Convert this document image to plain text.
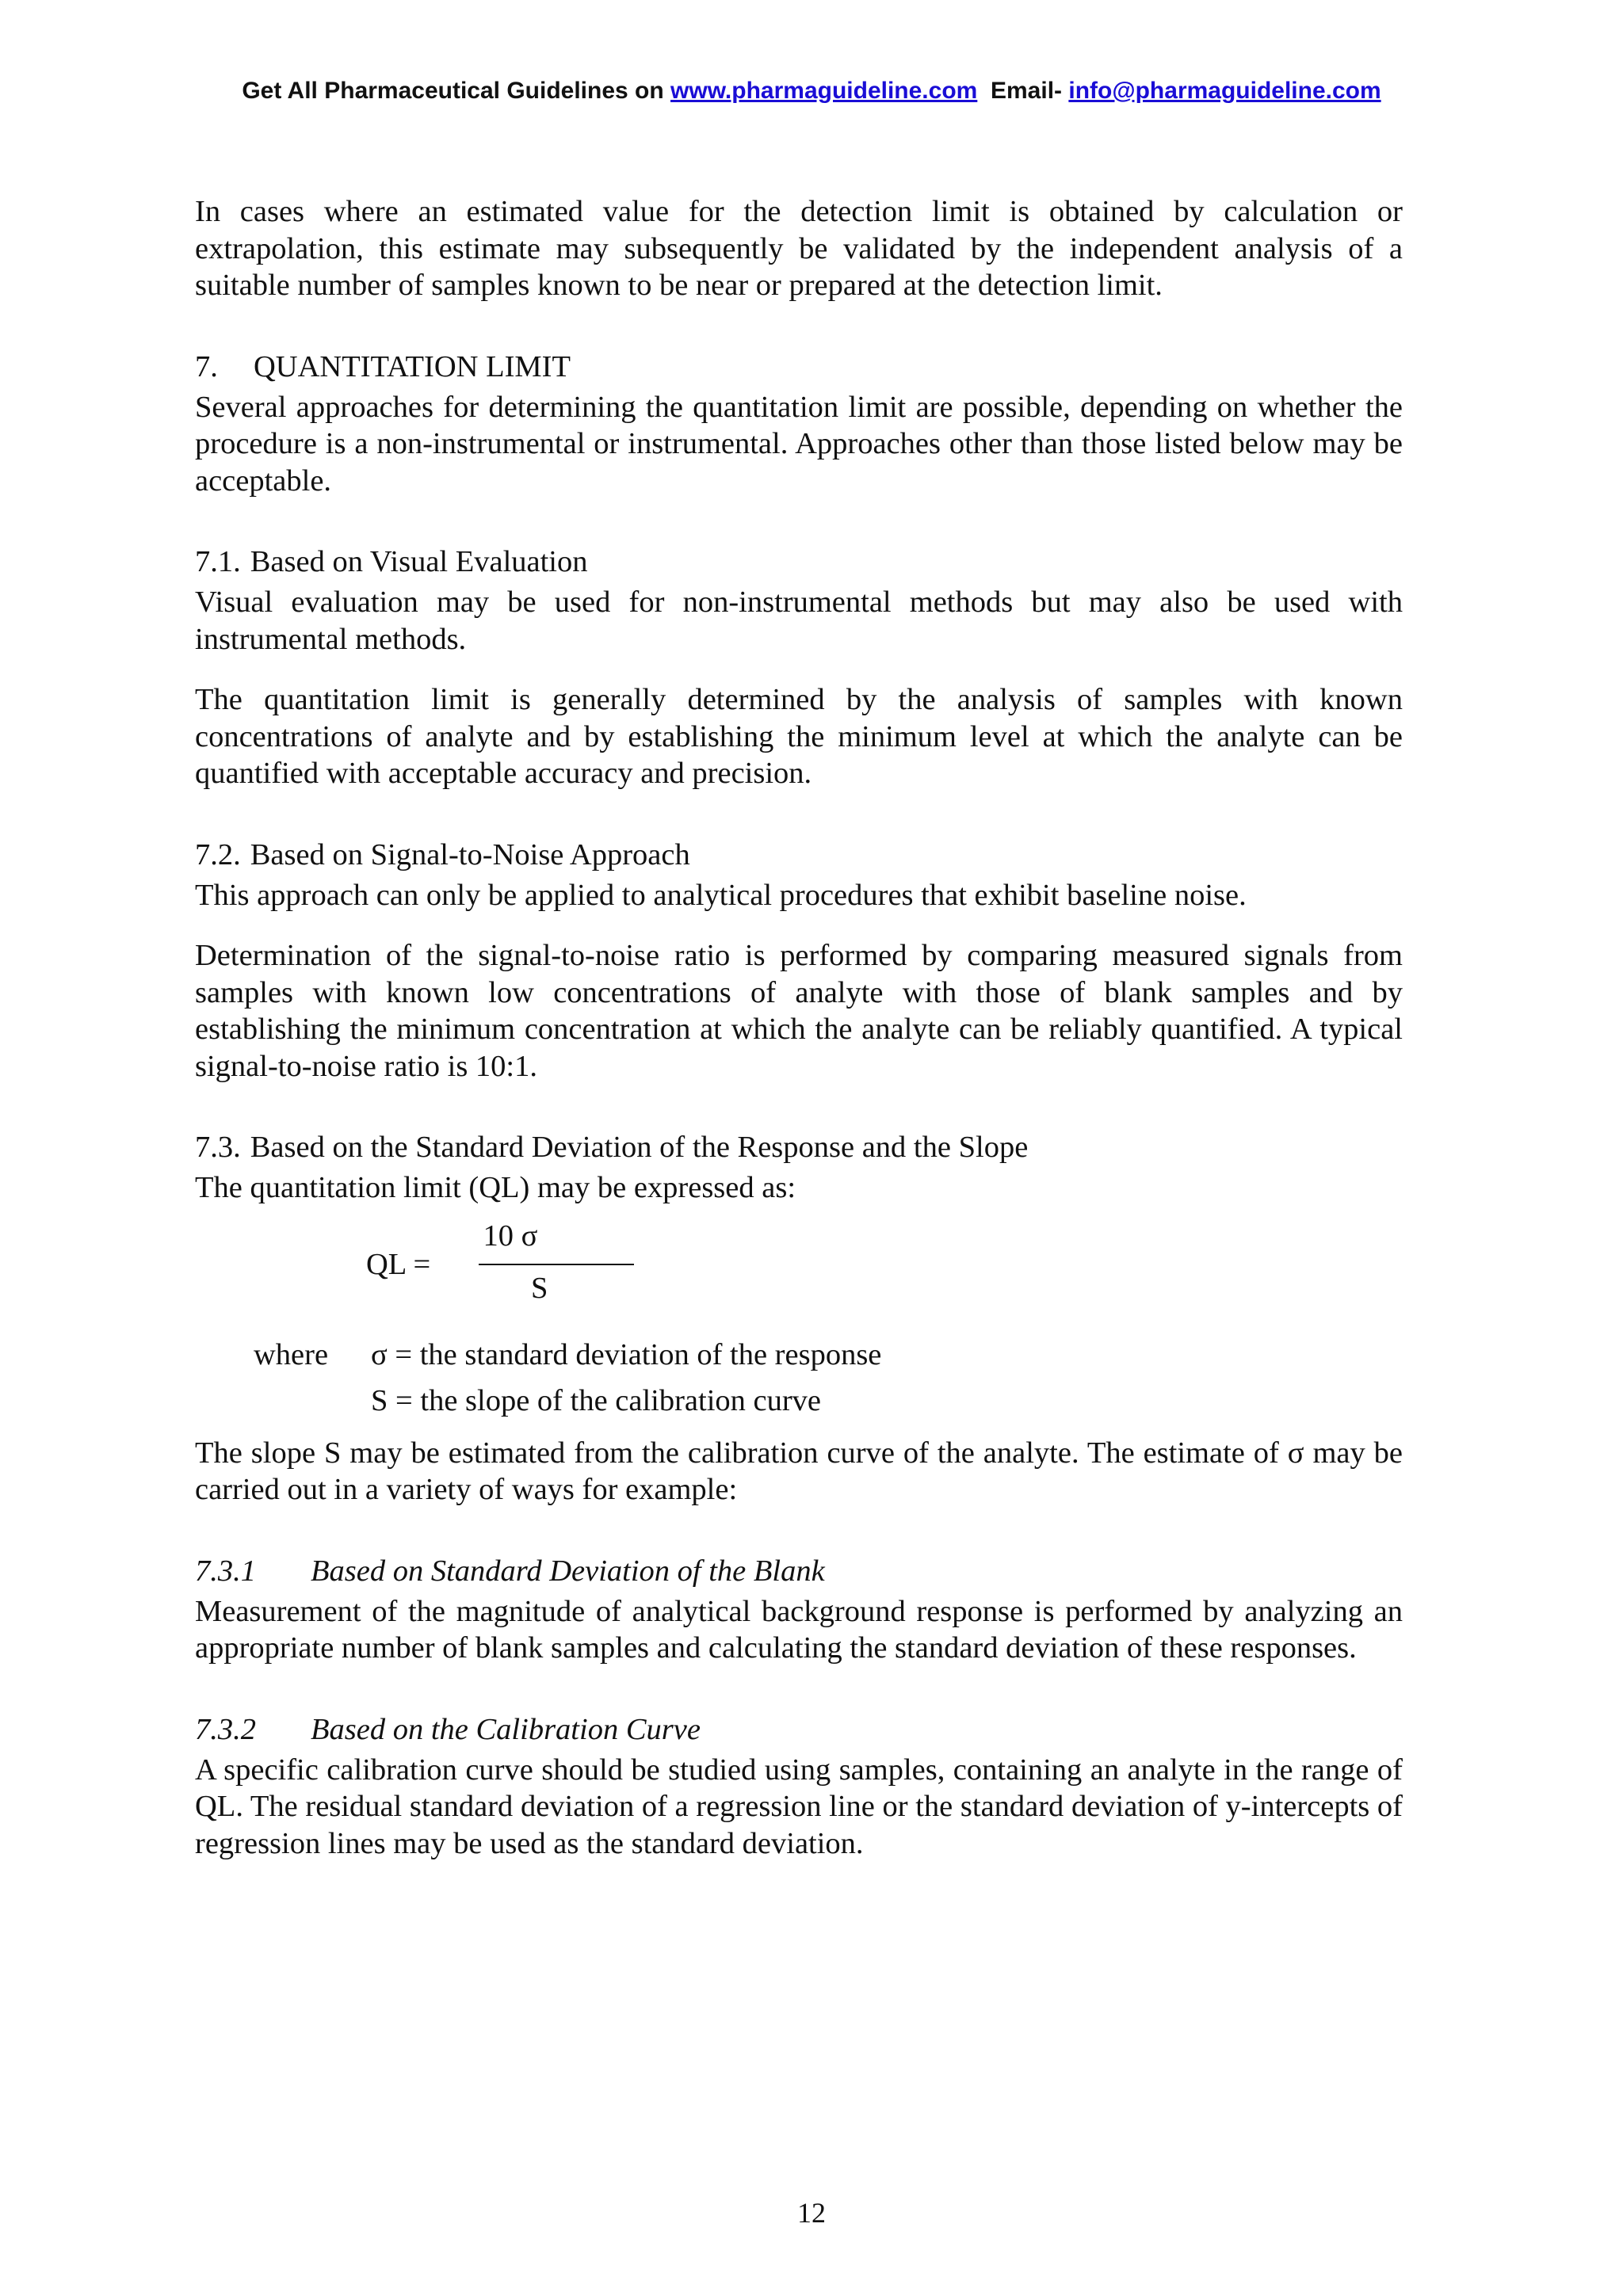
Get All Pharmaceutical Guidelines on www.pharmaguideline.com  Email- info@pharmaguideline.com

In cases where an estimated value for the detection limit is obtained by calculation or extrapolation, this estimate may subsequently be validated by the independent analysis of a suitable number of samples known to be near or prepared at the detection limit.

7. QUANTITATION LIMIT

Several approaches for determining the quantitation limit are possible, depending on whether the procedure is a non-instrumental or instrumental. Approaches other than those listed below may be acceptable.

7.1. Based on Visual Evaluation

Visual evaluation may be used for non-instrumental methods but may also be used with instrumental methods.

The quantitation limit is generally determined by the analysis of samples with known concentrations of analyte and by establishing the minimum level at which the analyte can be quantified with acceptable accuracy and precision.

7.2. Based on Signal-to-Noise Approach

This approach can only be applied to analytical procedures that exhibit baseline noise.

Determination of the signal-to-noise ratio is performed by comparing measured signals from samples with known low concentrations of analyte with those of blank samples and by establishing the minimum concentration at which the analyte can be reliably quantified. A typical signal-to-noise ratio is 10:1.

7.3. Based on the Standard Deviation of the Response and the Slope

The quantitation limit (QL) may be expressed as:

QL =
10 σ
S
where σ = the standard deviation of the response
S = the slope of the calibration curve

The slope S may be estimated from the calibration curve of the analyte. The estimate of σ may be carried out in a variety of ways for example:

7.3.1 Based on Standard Deviation of the Blank

Measurement of the magnitude of analytical background response is performed by analyzing an appropriate number of blank samples and calculating the standard deviation of these responses.

7.3.2 Based on the Calibration Curve

A specific calibration curve should be studied using samples, containing an analyte in the range of QL. The residual standard deviation of a regression line or the standard deviation of y-intercepts of regression lines may be used as the standard deviation.

12
